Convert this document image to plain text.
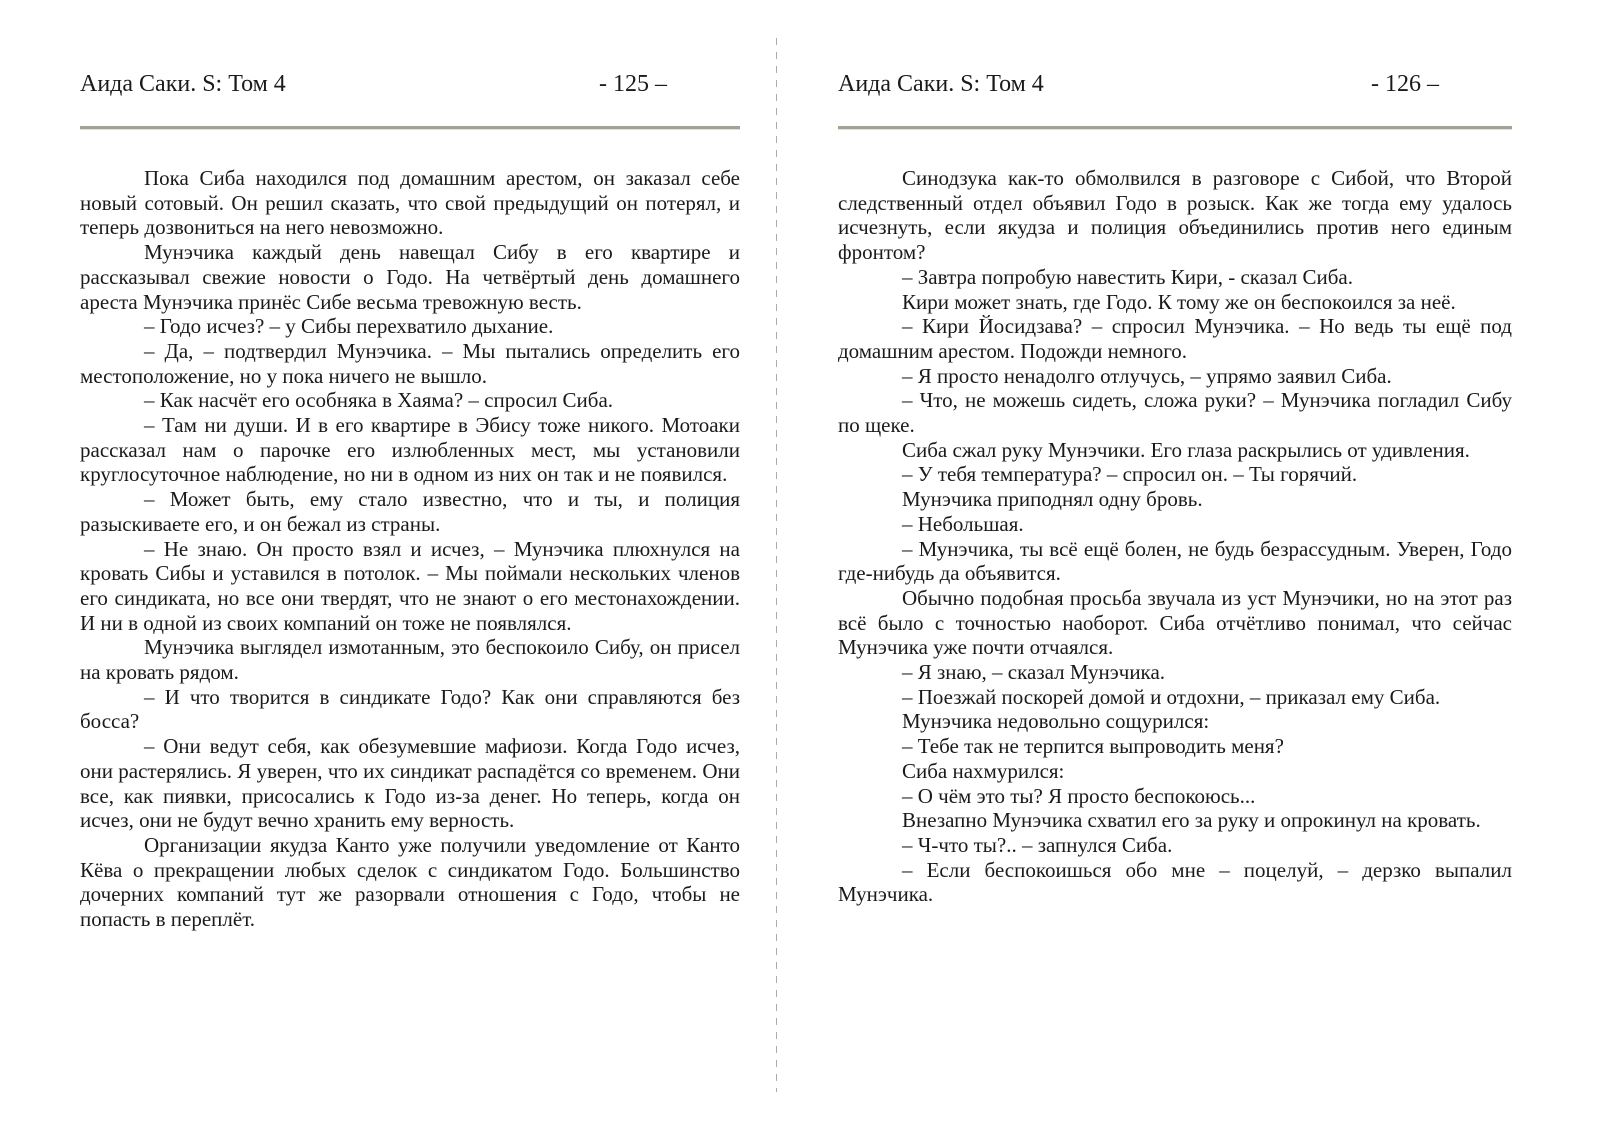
Аида Саки. S: Том 4	- 125 –

Пока Сиба находился под домашним арестом, он заказал себе новый сотовый. Он решил сказать, что свой предыдущий он потерял, и теперь дозвониться на него невозможно.

Мунэчика каждый день навещал Сибу в его квартире и рассказывал свежие новости о Годо. На четвёртый день домашнего ареста Мунэчика принёс Сибе весьма тревожную весть.

– Годо исчез? – у Сибы перехватило дыхание.

– Да, – подтвердил Мунэчика. – Мы пытались определить его местоположение, но у пока ничего не вышло.

– Как насчёт его особняка в Хаяма? – спросил Сиба.

– Там ни души. И в его квартире в Эбису тоже никого. Мотоаки рассказал нам о парочке его излюбленных мест, мы установили круглосуточное наблюдение, но ни в одном из них он так и не появился.

– Может быть, ему стало известно, что и ты, и полиция разыскиваете его, и он бежал из страны.

– Не знаю. Он просто взял и исчез, – Мунэчика плюхнулся на кровать Сибы и уставился в потолок. – Мы поймали нескольких членов его синдиката, но все они твердят, что не знают о его местонахождении. И ни в одной из своих компаний он тоже не появлялся.

Мунэчика выглядел измотанным, это беспокоило Сибу, он присел на кровать рядом.

– И что творится в синдикате Годо? Как они справляются без босса?

– Они ведут себя, как обезумевшие мафиози. Когда Годо исчез, они растерялись. Я уверен, что их синдикат распадётся со временем. Они все, как пиявки, присосались к Годо из-за денег. Но теперь, когда он исчез, они не будут вечно хранить ему верность.

Организации якудза Канто уже получили уведомление от Канто Кёва о прекращении любых сделок с синдикатом Годо. Большинство дочерних компаний тут же разорвали отношения с Годо, чтобы не попасть в переплёт.

Аида Саки. S: Том 4	- 126 –

Синодзука как-то обмолвился в разговоре с Сибой, что Второй следственный отдел объявил Годо в розыск. Как же тогда ему удалось исчезнуть, если якудза и полиция объединились против него единым фронтом?

– Завтра попробую навестить Кири, - сказал Сиба.

Кири может знать, где Годо. К тому же он беспокоился за неё.

– Кири Йосидзава? – спросил Мунэчика. – Но ведь ты ещё под домашним арестом. Подожди немного.

– Я просто ненадолго отлучусь, – упрямо заявил Сиба.

– Что, не можешь сидеть, сложа руки? – Мунэчика погладил Сибу по щеке.

Сиба сжал руку Мунэчики. Его глаза раскрылись от удивления.

– У тебя температура? – спросил он. – Ты горячий.

Мунэчика приподнял одну бровь.

– Небольшая.

– Мунэчика, ты всё ещё болен, не будь безрассудным. Уверен, Годо где-нибудь да объявится.

Обычно подобная просьба звучала из уст Мунэчики, но на этот раз всё было с точностью наоборот. Сиба отчётливо понимал, что сейчас Мунэчика уже почти отчаялся.

– Я знаю, – сказал Мунэчика.

– Поезжай поскорей домой и отдохни, – приказал ему Сиба.

Мунэчика недовольно сощурился:

– Тебе так не терпится выпроводить меня?

Сиба нахмурился:

– О чём это ты? Я просто беспокоюсь...

Внезапно Мунэчика схватил его за руку и опрокинул на кровать.

– Ч-что ты?.. – запнулся Сиба.

– Если беспокоишься обо мне – поцелуй, – дерзко выпалил Мунэчика.
